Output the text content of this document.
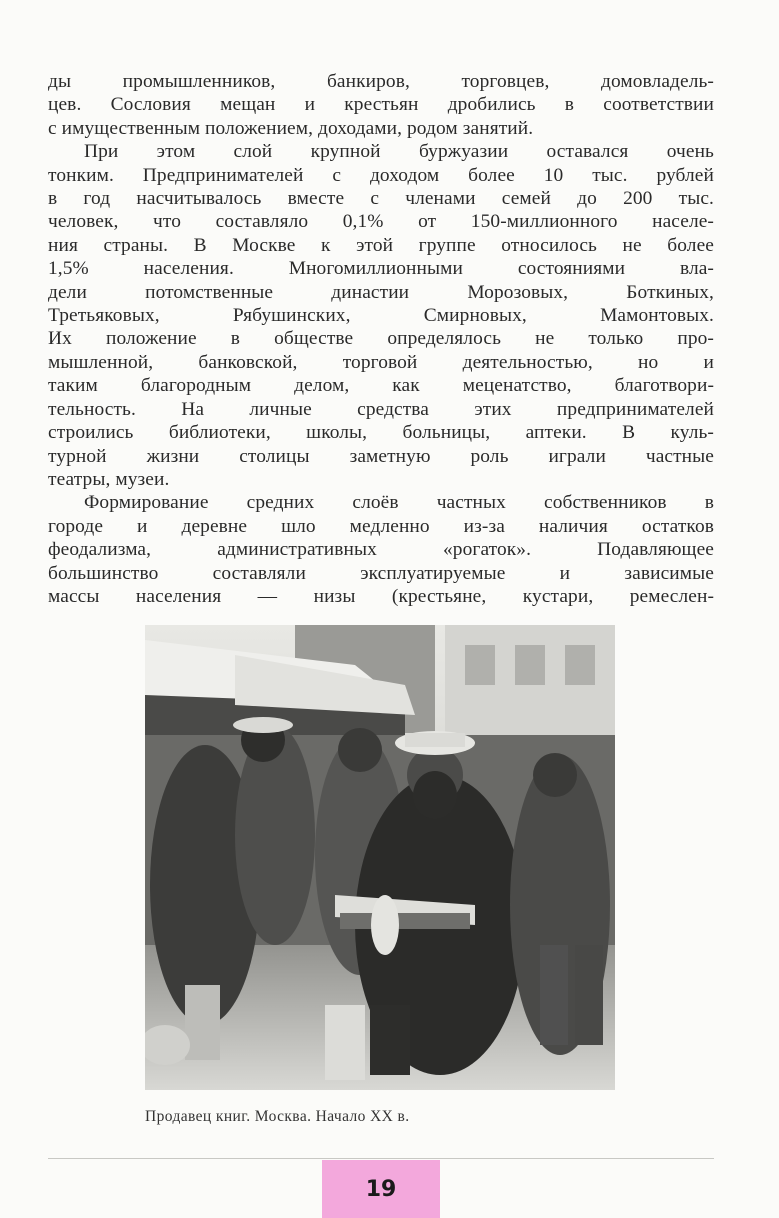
ды промышленников, банкиров, торговцев, домовладель-
цев. Сословия мещан и крестьян дробились в соответствии
с имущественным положением, доходами, родом занятий.

При этом слой крупной буржуазии оставался очень
тонким. Предпринимателей с доходом более 10 тыс. рублей
в год насчитывалось вместе с членами семей до 200 тыс.
человек, что составляло 0,1% от 150-миллионного населе-
ния страны. В Москве к этой группе относилось не более
1,5% населения. Многомиллионными состояниями вла-
дели потомственные династии Морозовых, Боткиных,
Третьяковых, Рябушинских, Смирновых, Мамонтовых.
Их положение в обществе определялось не только про-
мышленной, банковской, торговой деятельностью, но и
таким благородным делом, как меценатство, благотвори-
тельность. На личные средства этих предпринимателей
строились библиотеки, школы, больницы, аптеки. В куль-
турной жизни столицы заметную роль играли частные
театры, музеи.

Формирование средних слоёв частных собственников в
городе и деревне шло медленно из-за наличия остатков
феодализма, административных «рогаток». Подавляющее
большинство составляли эксплуатируемые и зависимые
массы населения — низы (крестьяне, кустари, ремеслен-

Продавец книг. Москва. Начало XX в.
19
